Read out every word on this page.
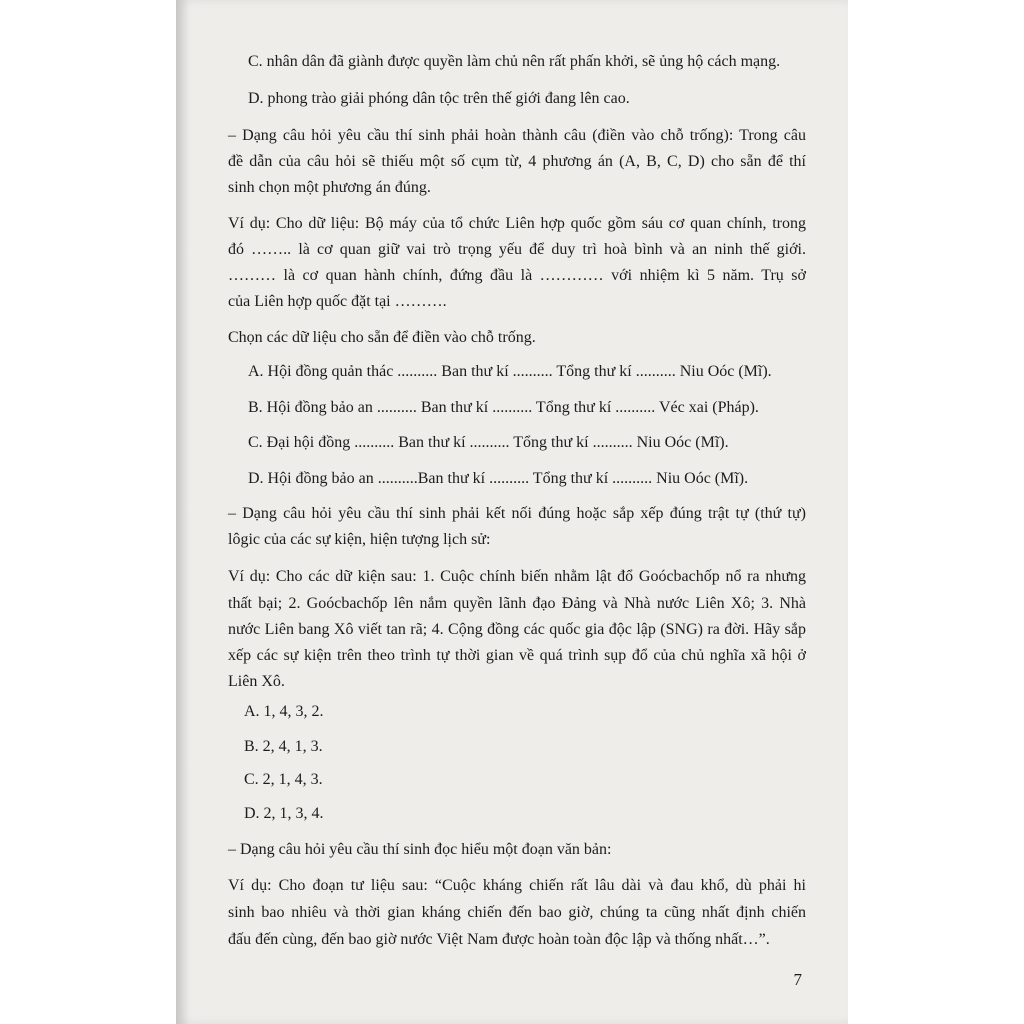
C. nhân dân đã giành được quyền làm chủ nên rất phấn khởi, sẽ ủng hộ cách mạng.
D. phong trào giải phóng dân tộc trên thế giới đang lên cao.
– Dạng câu hỏi yêu cầu thí sinh phải hoàn thành câu (điền vào chỗ trống): Trong câu
đề dẫn của câu hỏi sẽ thiếu một số cụm từ, 4 phương án (A, B, C, D) cho sẵn để thí
sinh chọn một phương án đúng.
Ví dụ: Cho dữ liệu: Bộ máy của tổ chức Liên hợp quốc gồm sáu cơ quan chính, trong
đó …….. là cơ quan giữ vai trò trọng yếu để duy trì hoà bình và an ninh thế giới.
……… là cơ quan hành chính, đứng đầu là ………… với nhiệm kì 5 năm. Trụ sở
của Liên hợp quốc đặt tại ……….
Chọn các dữ liệu cho sẵn để điền vào chỗ trống.
A. Hội đồng quản thác .......... Ban thư kí .......... Tổng thư kí .......... Niu Oóc (Mĩ).
B. Hội đồng bảo an .......... Ban thư kí .......... Tổng thư kí .......... Véc xai (Pháp).
C. Đại hội đồng .......... Ban thư kí .......... Tổng thư kí .......... Niu Oóc (Mĩ).
D. Hội đồng bảo an ..........Ban thư kí .......... Tổng thư kí .......... Niu Oóc (Mĩ).
– Dạng câu hỏi yêu cầu thí sinh phải kết nối đúng hoặc sắp xếp đúng trật tự (thứ tự)
lôgic của các sự kiện, hiện tượng lịch sử:
Ví dụ: Cho các dữ kiện sau: 1. Cuộc chính biến nhằm lật đổ Goócbachốp nổ ra nhưng
thất bại; 2. Goócbachốp lên nắm quyền lãnh đạo Đảng và Nhà nước Liên Xô; 3. Nhà
nước Liên bang Xô viết tan rã; 4. Cộng đồng các quốc gia độc lập (SNG) ra đời. Hãy sắp
xếp các sự kiện trên theo trình tự thời gian về quá trình sụp đổ của chủ nghĩa xã hội ở
Liên Xô.
A. 1, 4, 3, 2.
B. 2, 4, 1, 3.
C. 2, 1, 4, 3.
D. 2, 1, 3, 4.
– Dạng câu hỏi yêu cầu thí sinh đọc hiểu một đoạn văn bản:
Ví dụ: Cho đoạn tư liệu sau: “Cuộc kháng chiến rất lâu dài và đau khổ, dù phải hi
sinh bao nhiêu và thời gian kháng chiến đến bao giờ, chúng ta cũng nhất định chiến
đấu đến cùng, đến bao giờ nước Việt Nam được hoàn toàn độc lập và thống nhất…”.
7
